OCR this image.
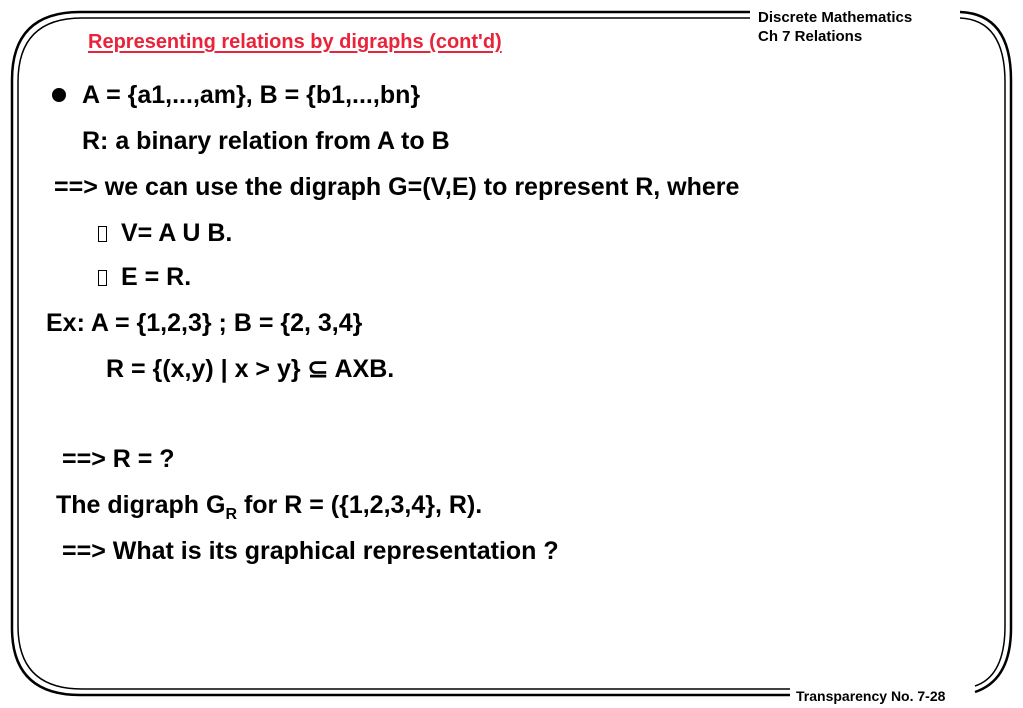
Discrete Mathematics
Ch 7 Relations
Representing relations by digraphs (cont'd)
A = {a1,...,am}, B = {b1,...,bn}
R: a binary relation from A to B
==> we can use the digraph G=(V,E) to represent R, where
V= A U B.
E = R.
Ex: A = {1,2,3} ; B = {2, 3,4}
R = {(x,y) | x > y} ⊆ AXB.
==> R = ?
The digraph $G_R$ for R = ({1,2,3,4}, R).
==> What is its graphical representation ?
Transparency No. 7-28
